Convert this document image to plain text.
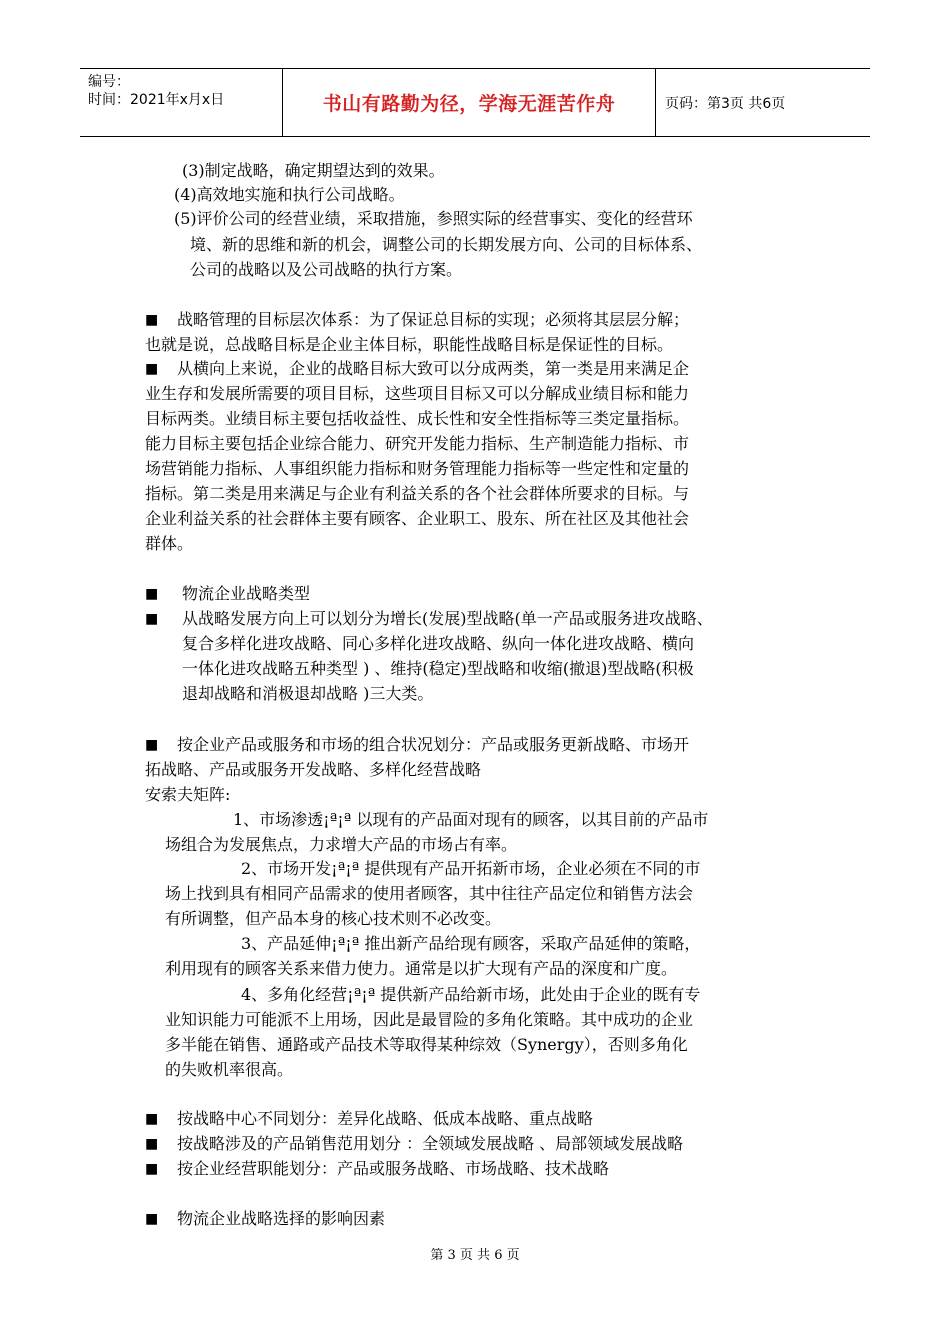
编号：
时间：2021年x月x日	书山有路勤为径，学海无涯苦作舟	页码：第3页 共6页
(3)制定战略，确定期望达到的效果。
(4)高效地实施和执行公司战略。
(5)评价公司的经营业绩，采取措施，参照实际的经营事实、变化的经营环
境、新的思维和新的机会，调整公司的长期发展方向、公司的目标体系、
公司的战略以及公司战略的执行方案。
■ 战略管理的目标层次体系：为了保证总目标的实现；必须将其层层分解；
也就是说，总战略目标是企业主体目标，职能性战略目标是保证性的目标。
■ 从横向上来说，企业的战略目标大致可以分成两类，第一类是用来满足企
业生存和发展所需要的项目目标，这些项目目标又可以分解成业绩目标和能力
目标两类。业绩目标主要包括收益性、成长性和安全性指标等三类定量指标。
能力目标主要包括企业综合能力、研究开发能力指标、生产制造能力指标、市
场营销能力指标、人事组织能力指标和财务管理能力指标等一些定性和定量的
指标。第二类是用来满足与企业有利益关系的各个社会群体所要求的目标。与
企业利益关系的社会群体主要有顾客、企业职工、股东、所在社区及其他社会
群体。
■ 物流企业战略类型
■ 从战略发展方向上可以划分为增长(发展)型战略(单一产品或服务进攻战略、
复合多样化进攻战略、同心多样化进攻战略、纵向一体化进攻战略、横向
一体化进攻战略五种类型 ) 、维持(稳定)型战略和收缩(撤退)型战略(积极
退却战略和消极退却战略 )三大类。
■ 按企业产品或服务和市场的组合状况划分：产品或服务更新战略、市场开
拓战略、产品或服务开发战略、多样化经营战略
安索夫矩阵:
1、市场渗透¡ª¡ª 以现有的产品面对现有的顾客，以其目前的产品市
场组合为发展焦点，力求增大产品的市场占有率。
2、市场开发¡ª¡ª 提供现有产品开拓新市场，企业必须在不同的市
场上找到具有相同产品需求的使用者顾客，其中往往产品定位和销售方法会
有所调整，但产品本身的核心技术则不必改变。
3、产品延伸¡ª¡ª 推出新产品给现有顾客，采取产品延伸的策略，
利用现有的顾客关系来借力使力。通常是以扩大现有产品的深度和广度。
4、多角化经营¡ª¡ª 提供新产品给新市场，此处由于企业的既有专
业知识能力可能派不上用场，因此是最冒险的多角化策略。其中成功的企业
多半能在销售、通路或产品技术等取得某种综效（Synergy），否则多角化
的失败机率很高。
■ 按战略中心不同划分：差异化战略、低成本战略、重点战略
■ 按战略涉及的产品销售范用划分 ：全领域发展战略 、局部领域发展战略
■ 按企业经营职能划分：产品或服务战略、市场战略、技术战略
■ 物流企业战略选择的影响因素
第 3 页 共 6 页
